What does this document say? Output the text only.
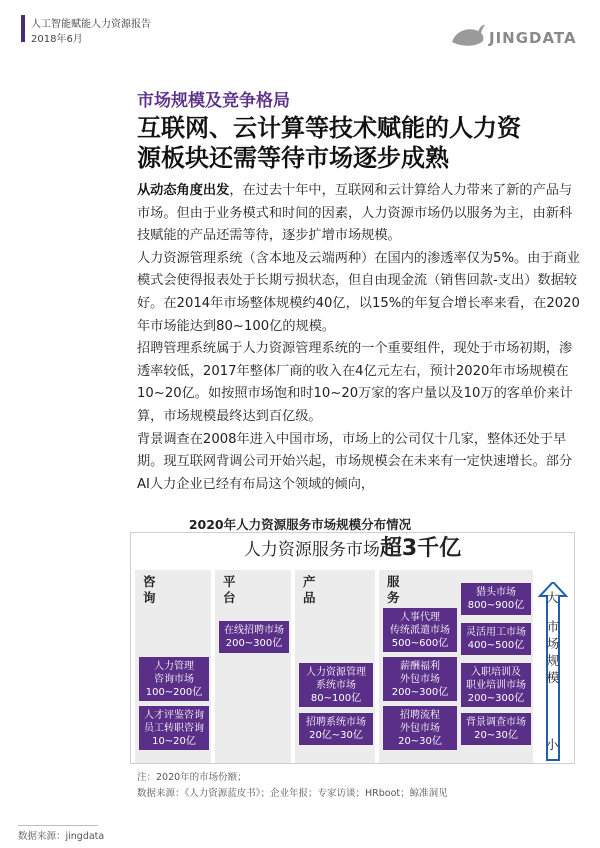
人工智能赋能人力资源报告
2018年6月	JINGDATA
市场规模及竞争格局
互联网、云计算等技术赋能的人力资
源板块还需等待市场逐步成熟

从动态角度出发，在过去十年中，互联网和云计算给人力带来了新的产品与市场。但由于业务模式和时间的因素，人力资源市场仍以服务为主，由新科技赋能的产品还需等待，逐步扩增市场规模。

人力资源管理系统（含本地及云端两种）在国内的渗透率仅为5%。由于商业模式会使得报表处于长期亏损状态，但自由现金流（销售回款-支出）数据较好。在2014年市场整体规模约40亿，以15%的年复合增长率来看，在2020年市场能达到80~100亿的规模。

招聘管理系统属于人力资源管理系统的一个重要组件，现处于市场初期，渗透率较低，2017年整体厂商的收入在4亿元左右，预计2020年市场规模在10~20亿。如按照市场饱和时10~20万家的客户量以及10万的客单价来计算，市场规模最终达到百亿级。

背景调查在2008年进入中国市场，市场上的公司仅十几家，整体还处于早期。现互联网背调公司开始兴起，市场规模会在未来有一定快速增长。部分AI人力企业已经有布局这个领域的倾向，

2020年人力资源服务市场规模分布情况
人力资源服务市场超3千亿
咨
询
平
台
产
品
服
务
人力管理
咨询市场
100~200亿
人才评鉴咨询
员工转职咨询
10~20亿
在线招聘市场
200~300亿
人力资源管理
系统市场
80~100亿
招聘系统市场
20亿~30亿
人事代理
传统派遣市场
500~600亿
薪酬福利
外包市场
200~300亿
招聘流程
外包市场
20~30亿
猎头市场
800~900亿
灵活用工市场
400~500亿
入职培训及
职业培训市场
200~300亿
背景调查市场
20~30亿
大
市
场
规
模
小
注：2020年的市场份额；
数据来源：《人力资源蓝皮书》；企业年报；专家访谈；HRboot；鲸准洞见
数据来源：jingdata
